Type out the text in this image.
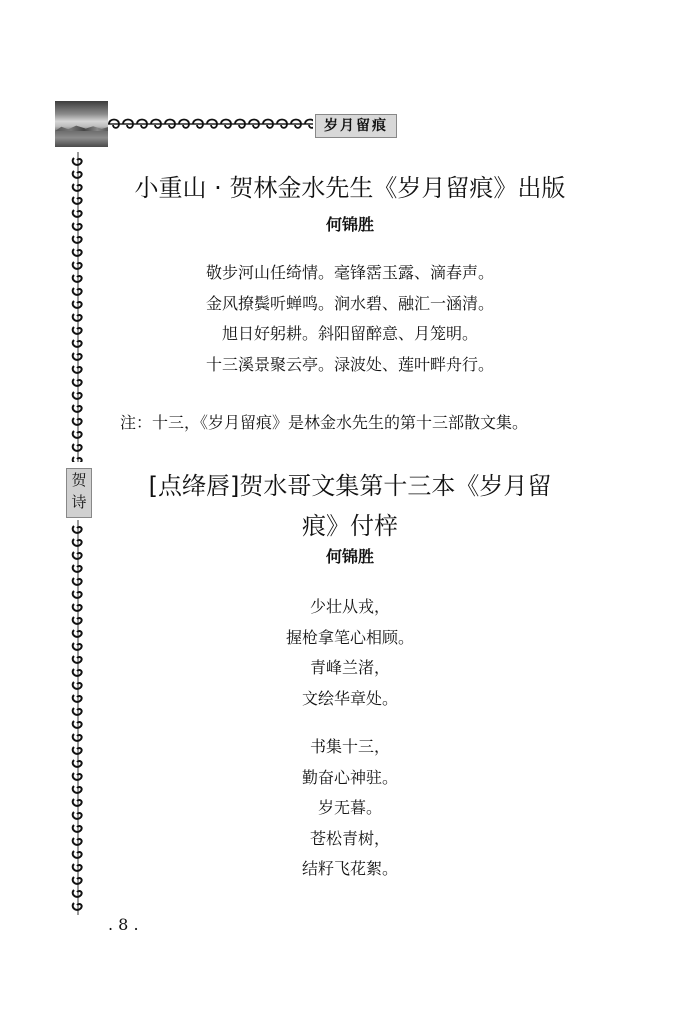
岁月留痕
贺
诗
小重山 · 贺林金水先生《岁月留痕》出版
何锦胜
敬步河山任绮情。毫锋霑玉露、滴春声。
金风撩鬓听蝉鸣。涧水碧、融汇一涵清。
旭日好躬耕。斜阳留醉意、月笼明。
十三溪景聚云亭。渌波处、莲叶畔舟行。
注：十三，《岁月留痕》是林金水先生的第十三部散文集。
[点绛唇]贺水哥文集第十三本《岁月留
痕》付梓
何锦胜
少壮从戎，
握枪拿笔心相顾。
青峰兰渚，
文绘华章处。
书集十三，
勤奋心神驻。
岁无暮。
苍松青树，
结籽飞花絮。
. 8 .
